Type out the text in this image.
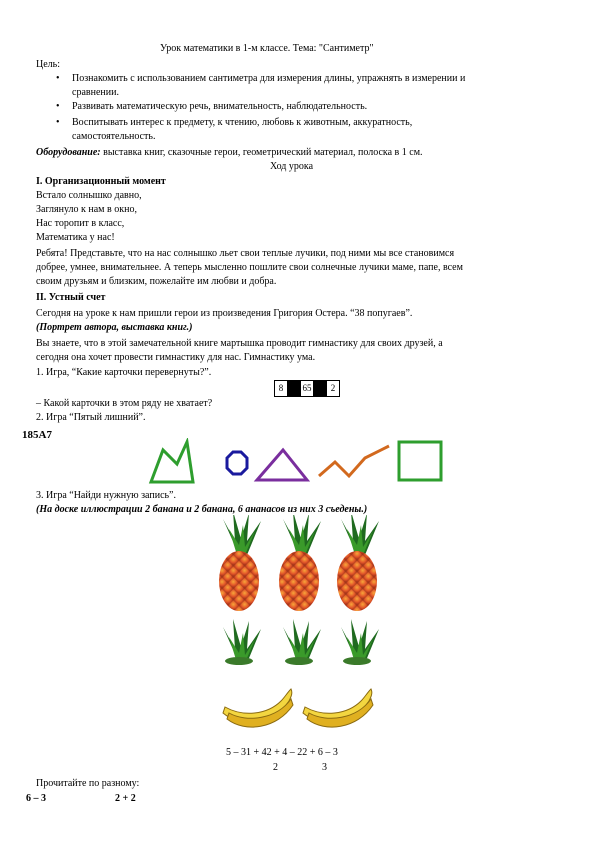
Урок математики в 1-м классе. Тема: "Сантиметр"
Цель:
• Познакомить с использованием сантиметра для измерения длины, упражнять в измерении и
сравнении.
• Развивать математическую речь, внимательность, наблюдательность.
• Воспитывать интерес к предмету, к чтению, любовь к животным, аккуратность,
самостоятельность.
Оборудование: выставка книг, сказочные герои, геометрический материал, полоска в 1 см.
Ход урока
I. Организационный момент
Встало солнышко давно,
Заглянуло к нам в окно,
Нас торопит в класс,
Математика у нас!
Ребята! Представьте, что на нас солнышко льет свои теплые лучики, под ними мы все становимся
добрее, умнее, внимательнее. А теперь мысленно пошлите свои солнечные лучики маме, папе, всем
своим друзьям и близким, пожелайте им любви и добра.
II. Устный счет
Сегодня на уроке к нам пришли герои из произведения Григория Остера. “38 попугаев”.
(Портрет автора, выставка книг.)
Вы знаете, что в этой замечательной книге мартышка проводит гимнастику для своих друзей, а
сегодня она хочет провести гимнастику для нас. Гимнастику ума.
1. Игра, “Какие карточки перевернуты?”.
8	65	2
– Какой карточки в этом ряду не хватает?
2. Игра “Пятый лишний”.
185А7
3. Игра “Найди нужную запись”.
(На доске иллюстрации 2 банана и 2 банана, 6 ананасов из них 3 съедены.)
5 – 31 + 42 + 4 – 22 + 6 – 3
2	3
Прочитайте по разному:
6 – 3	2 + 2
